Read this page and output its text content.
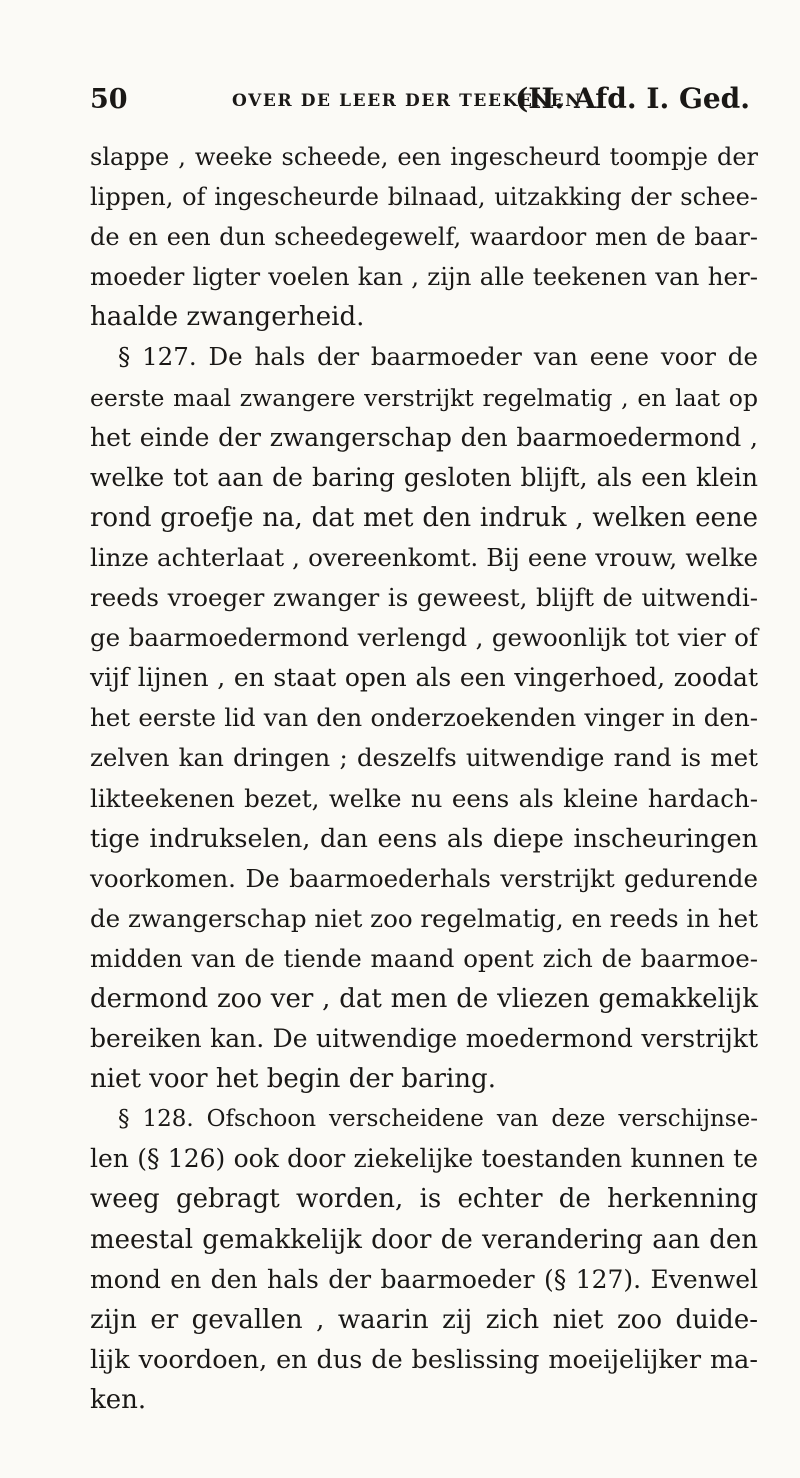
50	OVER DE LEER DER TEEKENEN
(II. Afd. I. Ged.

slappe , weeke scheede, een ingescheurd toompje der
lippen, of ingescheurde bilnaad, uitzakking der schee-
de en een dun scheedegewelf, waardoor men de baar-
moeder ligter voelen kan , zijn alle teekenen van her-
haalde zwangerheid.

§ 127. De hals der baarmoeder van eene voor de
eerste maal zwangere verstrijkt regelmatig , en laat op
het einde der zwangerschap den baarmoedermond ,
welke tot aan de baring gesloten blijft, als een klein
rond groefje na, dat met den indruk , welken eene
linze achterlaat , overeenkomt. Bij eene vrouw, welke
reeds vroeger zwanger is geweest, blijft de uitwendi-
ge baarmoedermond verlengd , gewoonlijk tot vier of
vijf lijnen , en staat open als een vingerhoed, zoodat
het eerste lid van den onderzoekenden vinger in den-
zelven kan dringen ; deszelfs uitwendige rand is met
likteekenen bezet, welke nu eens als kleine hardach-
tige indrukselen, dan eens als diepe inscheuringen
voorkomen. De baarmoederhals verstrijkt gedurende
de zwangerschap niet zoo regelmatig, en reeds in het
midden van de tiende maand opent zich de baarmoe-
dermond zoo ver , dat men de vliezen gemakkelijk
bereiken kan. De uitwendige moedermond verstrijkt
niet voor het begin der baring.

§ 128. Ofschoon verscheidene van deze verschijnse-
len (§ 126) ook door ziekelijke toestanden kunnen te
weeg gebragt worden, is echter de herkenning
meestal gemakkelijk door de verandering aan den
mond en den hals der baarmoeder (§ 127). Evenwel
zijn er gevallen , waarin zij zich niet zoo duide-
lijk voordoen, en dus de beslissing moeijelijker ma-
ken.
